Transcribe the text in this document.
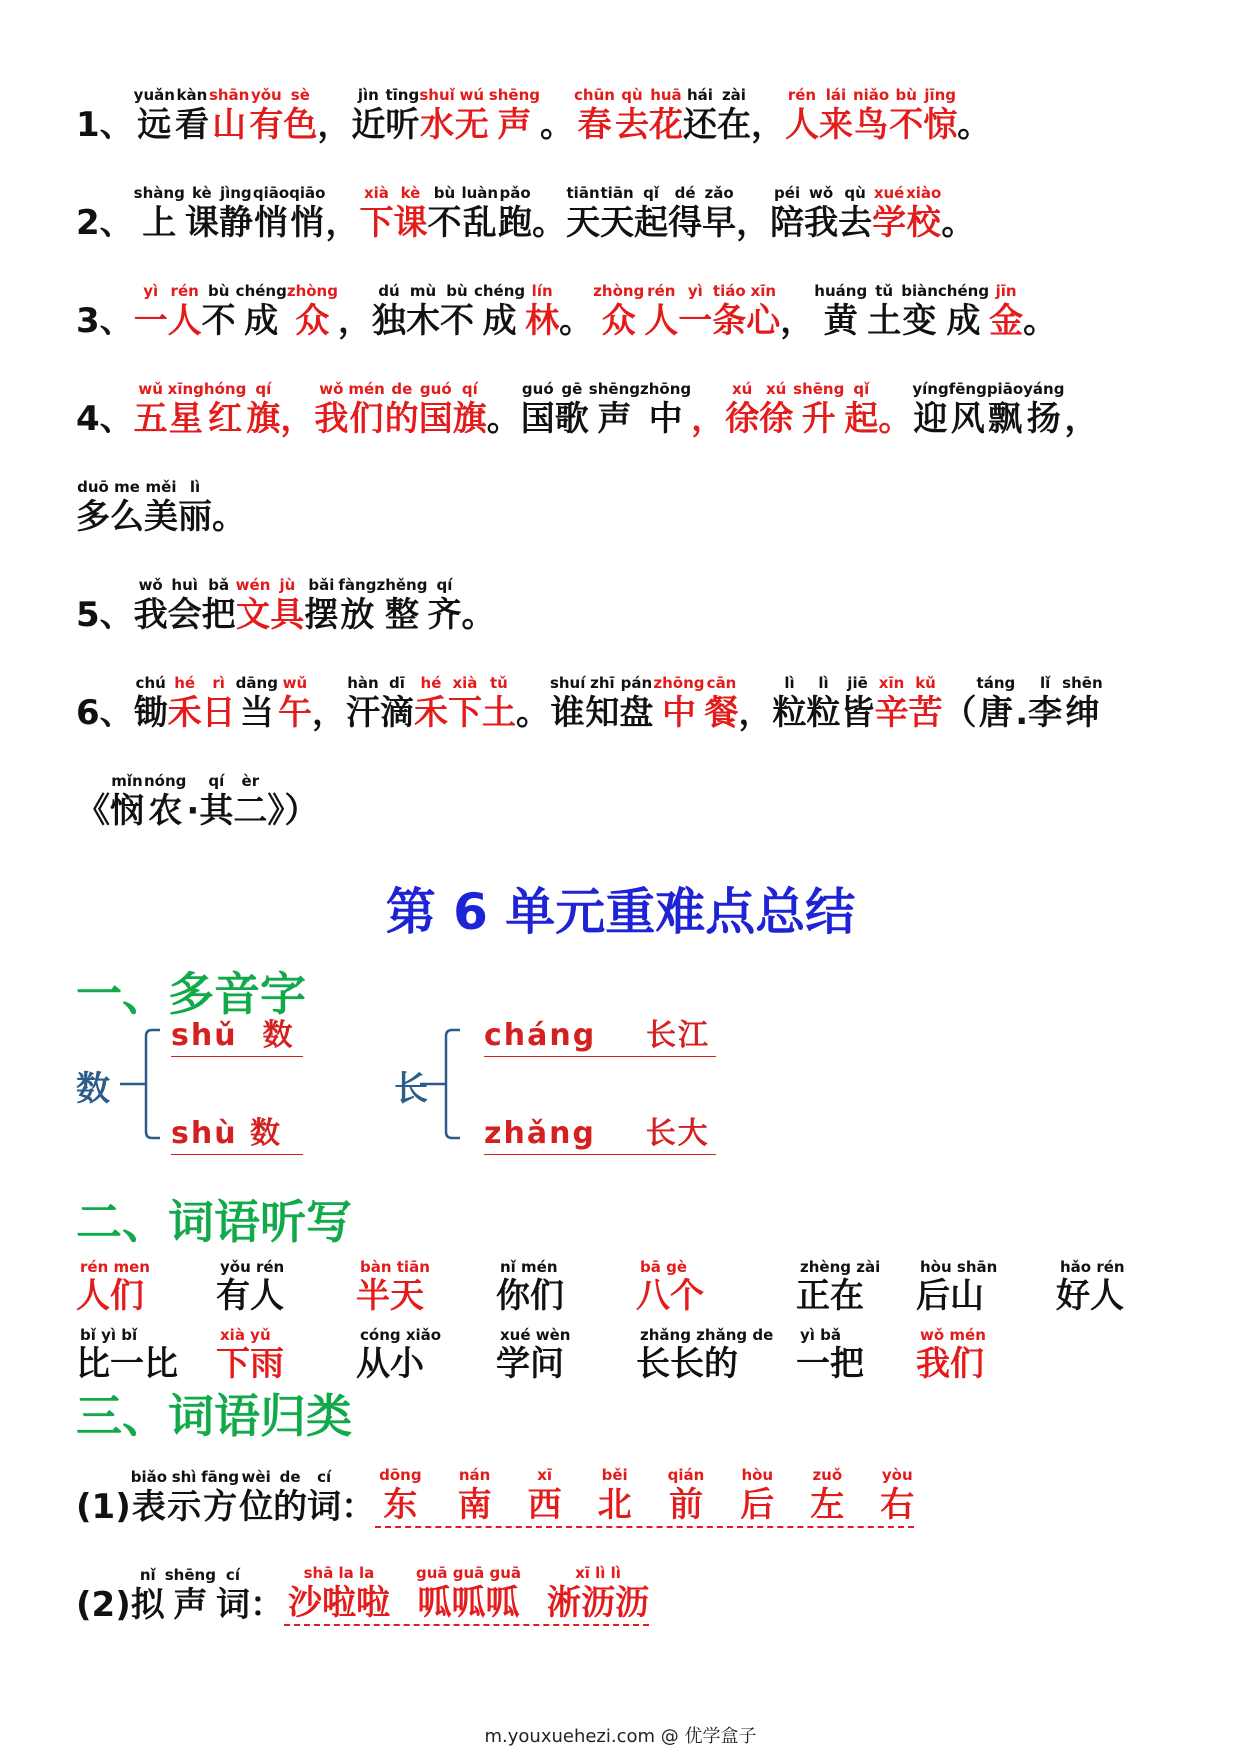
1、
yuǎn
远
kàn
看
shān
山
yǒu
有
sè
色
，
jìn
近
tīng
听
shuǐ
水
wú
无
shēng
声
。
chūn
春
qù
去
huā
花
hái
还
zài
在
，
rén
人
lái
来
niǎo
鸟
bù
不
jīng
惊
。

2、
shàng
上
kè
课
jìng
静
qiāo
悄
qiāo
悄
，
xià
下
kè
课
bù
不
luàn
乱
pǎo
跑
。
tiān
天
tiān
天
qǐ
起
dé
得
zǎo
早
，
péi
陪
wǒ
我
qù
去
xué
学
xiào
校
。

3、
yì
一
rén
人
bù
不
chéng
成
zhòng
众
，
dú
独
mù
木
bù
不
chéng
成
lín
林
。
zhòng
众
rén
人
yì
一
tiáo
条
xīn
心
，
huáng
黄
tǔ
土
biàn
变
chéng
成
jīn
金
。

4、
wǔ
五
xīng
星
hóng
红
qí
旗
，
wǒ
我
mén
们
de
的
guó
国
qí
旗
。
guó
国
gē
歌
shēng
声
zhōng
中
，
xú
徐
xú
徐
shēng
升
qǐ
起
。
yíng
迎
fēng
风
piāo
飘
yáng
扬
，
duō
多
me
么
měi
美
lì
丽
。

5、
wǒ
我
huì
会
bǎ
把
wén
文
jù
具
bǎi
摆
fàng
放
zhěng
整
qí
齐
。

6、
chú
锄
hé
禾
rì
日
dāng
当
wǔ
午
，
hàn
汗
dī
滴
hé
禾
xià
下
tǔ
土
。
shuí
谁
zhī
知
pán
盘
zhōng
中
cān
餐
，
lì
粒
lì
粒
jiē
皆
xīn
辛
kǔ
苦
（
táng
唐
.
lǐ
李
shēn
绅

《
mǐn
悯
nóng
农
·
qí
其
èr
二
》）
第 6 单元重难点总结
一、多音字
数
shǔ 数
shù 数
长
cháng 长江
zhǎng 长大
二、词语听写
rén men
人们
yǒu rén
有人
bàn tiān
半天
nǐ mén
你们
bā gè
八个
zhèng zài
正在
hòu shān
后山
hǎo rén
好人
bǐ yì bǐ
比一比
xià yǔ
下雨
cóng xiǎo
从小
xué wèn
学问
zhǎng zhǎng de
长长的
yì bǎ
一把
wǒ mén
我们
三、词语归类

(1)
biǎo
表
shì
示
fāng
方
wèi
位
de
的
cí
词
：
dōng
东
nán
南
xī
西
běi
北
qián
前
hòu
后
zuǒ
左
yòu
右

(2)
nǐ
拟
shēng
声
cí
词
：
shā la la
沙啦啦
guā guā guā
呱呱呱
xī lì lì
淅沥沥
m.youxuehezi.com @ 优学盒子
